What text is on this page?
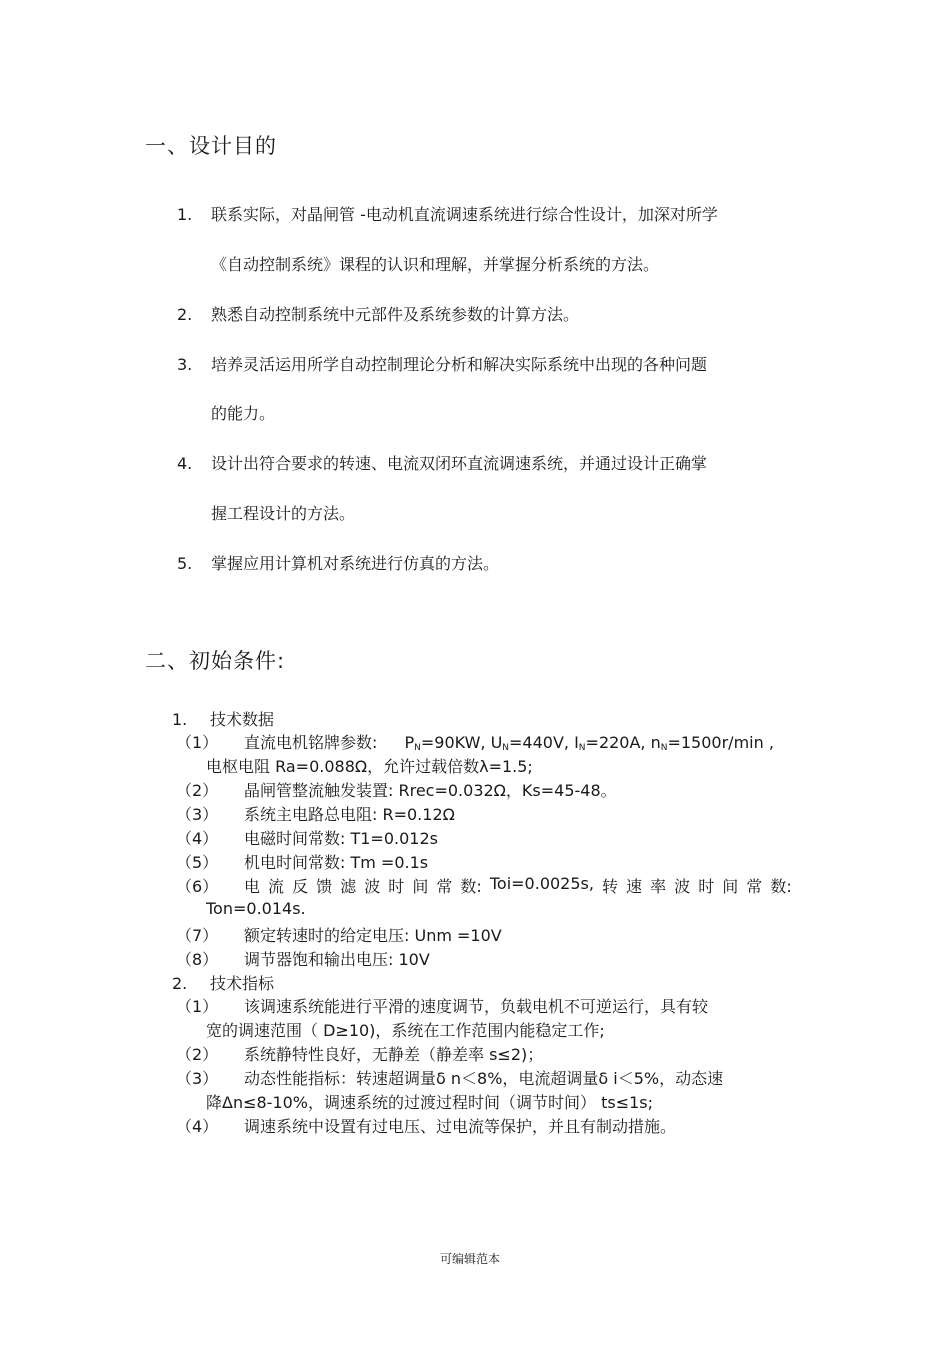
一、设计目的
1. 联系实际，对晶闸管 -电动机直流调速系统进行综合性设计，加深对所学
《自动控制系统》课程的认识和理解，并掌握分析系统的方法。
2. 熟悉自动控制系统中元部件及系统参数的计算方法。
3. 培养灵活运用所学自动控制理论分析和解决实际系统中出现的各种问题
的能力。
4. 设计出符合要求的转速、电流双闭环直流调速系统，并通过设计正确掌
握工程设计的方法。
5. 掌握应用计算机对系统进行仿真的方法。
二、初始条件:
1. 技术数据
（1） 直流电机铭牌参数: $P_N=90KW$, $U_N=440V$, $I_N=220A$, $n_N=1500r/\min$ ,
电枢电阻 Ra=0.088Ω，允许过载倍数λ=1.5;
（2） 晶闸管整流触发装置: Rrec=0.032Ω，Ks=45-48。
（3） 系统主电路总电阻: R=0.12Ω
（4） 电磁时间常数: T1=0.012s
（5） 机电时间常数: Tm =0.1s
（6）	电 流 反 馈 滤 波 时 间 常 数: Toi=0.0025s, 转 速 率 波 时 间 常 数:
Ton=0.014s.
（7） 额定转速时的给定电压: Unm =10V
（8） 调节器饱和输出电压: 10V
2. 技术指标
（1） 该调速系统能进行平滑的速度调节，负载电机不可逆运行，具有较
宽的调速范围（ D≥10)，系统在工作范围内能稳定工作;
（2） 系统静特性良好，无静差（静差率 s≤2)；
（3） 动态性能指标：转速超调量δ n＜8%，电流超调量δ i＜5%，动态速
降Δn≤8-10%，调速系统的过渡过程时间（调节时间） ts≤1s;
（4） 调速系统中设置有过电压、过电流等保护，并且有制动措施。
可编辑范本
